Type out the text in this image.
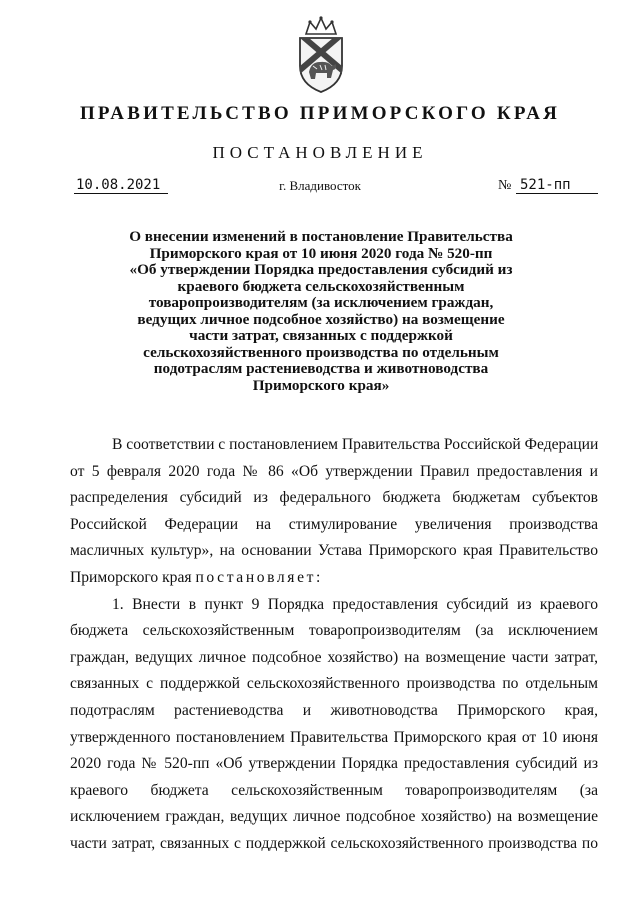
ПРАВИТЕЛЬСТВО ПРИМОРСКОГО КРАЯ
ПОСТАНОВЛЕНИЕ
10.08.2021	г. Владивосток	№ 521-пп
О внесении изменений в постановление Правительства
Приморского края от 10 июня 2020 года № 520-пп
«Об утверждении Порядка предоставления субсидий из
краевого бюджета сельскохозяйственным
товаропроизводителям (за исключением граждан,
ведущих личное подсобное хозяйство) на возмещение
части затрат, связанных с поддержкой
сельскохозяйственного производства по отдельным
подотраслям растениеводства и животноводства
Приморского края»
В соответствии с постановлением Правительства Российской Федерации
от 5 февраля 2020 года № 86 «Об утверждении Правил предоставления и
распределения субсидий из федерального бюджета бюджетам субъектов
Российской Федерации на стимулирование увеличения производства
масличных культур», на основании Устава Приморского края Правительство
Приморского края постановляет:
1. Внести в пункт 9 Порядка предоставления субсидий из краевого
бюджета сельскохозяйственным товаропроизводителям (за исключением
граждан, ведущих личное подсобное хозяйство) на возмещение части затрат,
связанных с поддержкой сельскохозяйственного производства по отдельным
подотраслям растениеводства и животноводства Приморского края,
утвержденного постановлением Правительства Приморского края от 10 июня
2020 года № 520-пп «Об утверждении Порядка предоставления субсидий из
краевого бюджета сельскохозяйственным товаропроизводителям (за
исключением граждан, ведущих личное подсобное хозяйство) на возмещение
части затрат, связанных с поддержкой сельскохозяйственного производства по
